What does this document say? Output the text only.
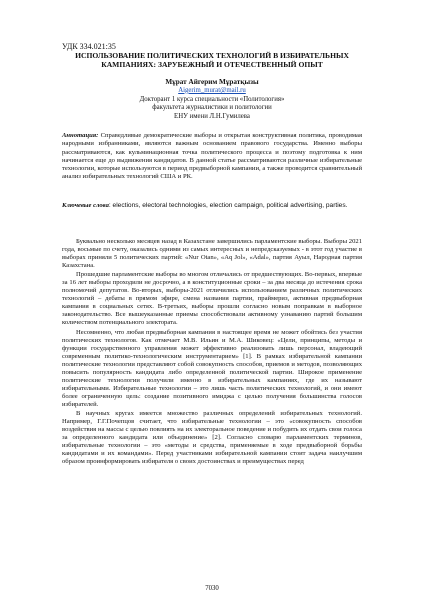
УДК 334.021:35
ИСПОЛЬЗОВАНИЕ ПОЛИТИЧЕСКИХ ТЕХНОЛОГИЙ В ИЗБИРАТЕЛЬНЫХ
КАМПАНИЯХ: ЗАРУБЕЖНЫЙ И ОТЕЧЕСТВЕННЫЙ ОПЫТ
Мұрат Айгерим Мұратқызы
Aigerim_murat@mail.ru
Докторант 1 курса специальности «Политология»
факультета журналистики и политологии
ЕНУ имени Л.Н.Гумилева

Аннотация: Справедливые демократические выборы и открытая конструктивная политика, проводимая народными избранниками, являются важным основанием правового государства. Именно выборы рассматриваются, как кульминационная точка политического процесса и поэтому подготовка к ним начинается еще до выдвижения кандидатов. В данной статье рассматриваются различные избирательные технологии, которые используются в период предвыборной кампании, а также проводится сравнительный анализ избирательных технологий США и РК.

Ключевые слова: elections, electoral technologies, election campaign, political advertising, parties.

Буквально несколько месяцев назад в Казахстане завершились парламентские выборы. Выборы 2021 года, восьмые по счету, оказались одними из самых интересных и непредсказуемых - в этот год участие в выборах приняли 5 политических партий: «Nur Otan», «Aq Jol», «Adal», партия Ауыл, Народная партия Казахстана.

Прошедшие парламентские выборы во многом отличались от предшествующих. Во-первых, впервые за 16 лет выборы проходили не досрочно, а в конституционные сроки – за два месяца до истечения срока полномочий депутатов. Во-вторых, выборы-2021 отличились использованием различных политических технологий – дебаты в прямом эфире, смена названия партии, праймериз, активная предвыборная кампания в социальных сетях. В-третьих, выборы прошли согласно новым поправкам в выборное законодательство. Все вышеуказанные приемы способствовали активному узнаванию партий большим количеством потенциального электората.

Несомненно, что любая предвыборная кампания в настоящее время не может обойтись без участия политических технологов. Как отмечает М.В. Ильин и М.А. Шиковец: «Цели, принципы, методы и функции государственного управления может эффективно реализовать лишь персонал, владеющий современным политико-технологическим инструментарием» [1]. В рамках избирательной кампании политические технологии представляют собой совокупность способов, приемов и методов, позволяющих повысить популярность кандидата либо определенной политической партии. Широкое применение политические технологии получили именно в избирательных кампаниях, где их называют избирательными. Избирательные технологии – это лишь часть политических технологий, и они имеют более ограниченную цель: создание позитивного имиджа с целью получения большинства голосов избирателей.

В научных кругах имеется множество различных определений избирательных технологий. Например, Г.Г.Почепцов считает, что избирательные технологии – это «совокупность способов воздействия на массы с целью повлиять на их электоральное поведение и побудить их отдать свои голоса за определенного кандидата или объединение» [2]. Согласно словарю парламентских терминов, избирательные технологии – это «методы и средства, применяемые в ходе предвыборной борьбы кандидатами и их командами». Перед участниками избирательной кампании стоит задача наилучшим образом проинформировать избирателя о своих достоинствах и преимуществах перед

7030
